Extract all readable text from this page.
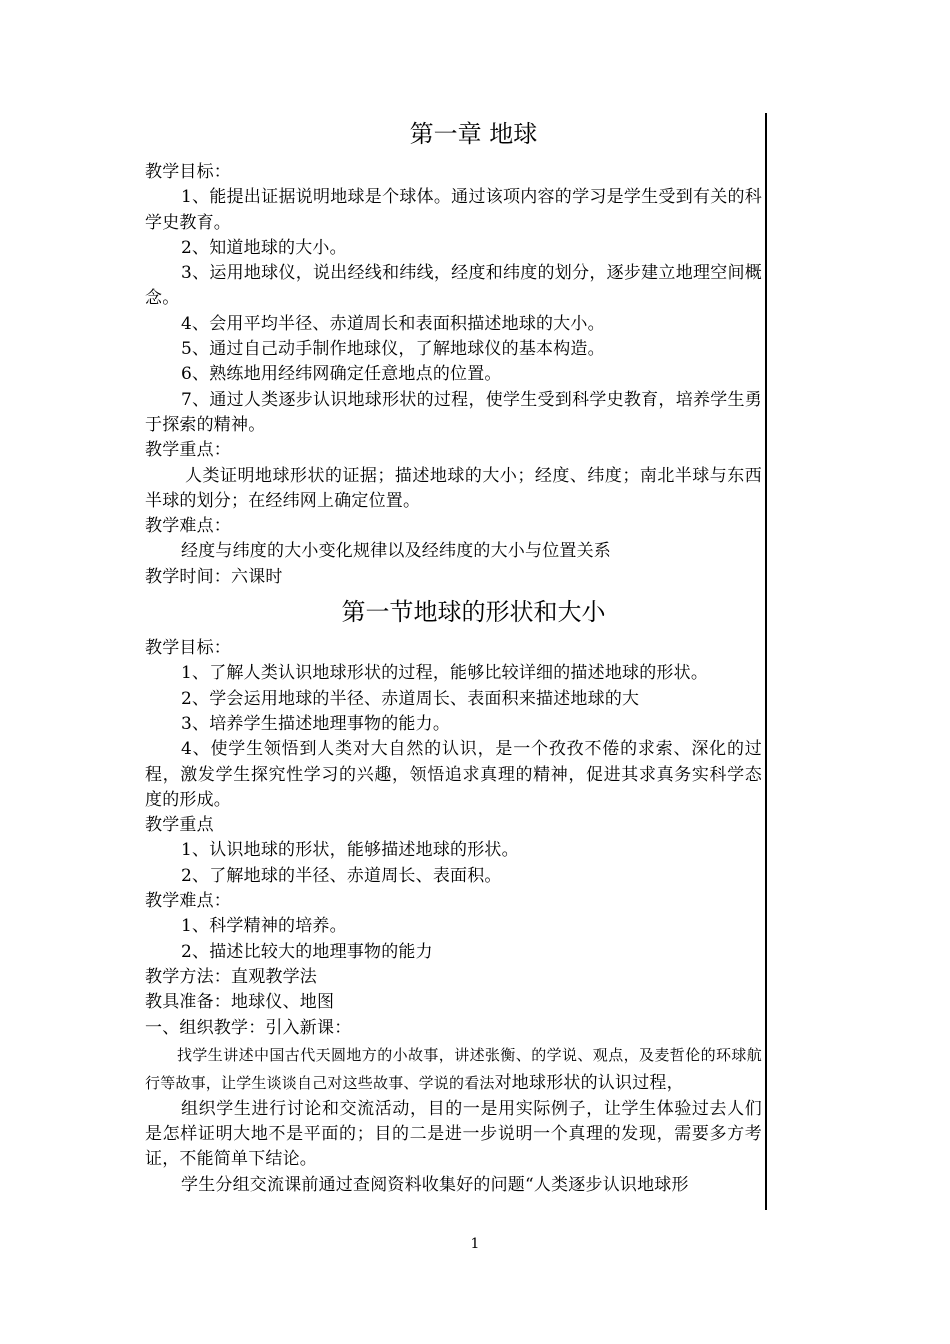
第一章 地球

教学目标：

1、能提出证据说明地球是个球体。通过该项内容的学习是学生受到有关的科学史教育。

2、知道地球的大小。

3、运用地球仪，说出经线和纬线，经度和纬度的划分，逐步建立地理空间概念。

4、会用平均半径、赤道周长和表面积描述地球的大小。

5、通过自己动手制作地球仪，了解地球仪的基本构造。

6、熟练地用经纬网确定任意地点的位置。

7、通过人类逐步认识地球形状的过程，使学生受到科学史教育，培养学生勇于探索的精神。

教学重点：

人类证明地球形状的证据；描述地球的大小；经度、纬度；南北半球与东西半球的划分；在经纬网上确定位置。

教学难点：

经度与纬度的大小变化规律以及经纬度的大小与位置关系

教学时间：六课时

第一节地球的形状和大小

教学目标：

1、了解人类认识地球形状的过程，能够比较详细的描述地球的形状。

2、学会运用地球的半径、赤道周长、表面积来描述地球的大

3、培养学生描述地理事物的能力。

4、使学生领悟到人类对大自然的认识，是一个孜孜不倦的求索、深化的过程，激发学生探究性学习的兴趣，领悟追求真理的精神，促进其求真务实科学态度的形成。

教学重点

1、认识地球的形状，能够描述地球的形状。

2、了解地球的半径、赤道周长、表面积。

教学难点：

1、科学精神的培养。

2、描述比较大的地理事物的能力

教学方法：直观教学法

教具准备：地球仪、地图

一、组织教学：引入新课：

找学生讲述中国古代天圆地方的小故事，讲述张衡、的学说、观点，及麦哲伦的环球航行等故事，让学生谈谈自己对这些故事、学说的看法对地球形状的认识过程，

组织学生进行讨论和交流活动，目的一是用实际例子，让学生体验过去人们是怎样证明大地不是平面的；目的二是进一步说明一个真理的发现，需要多方考证，不能简单下结论。

学生分组交流课前通过查阅资料收集好的问题“人类逐步认识地球形

1
